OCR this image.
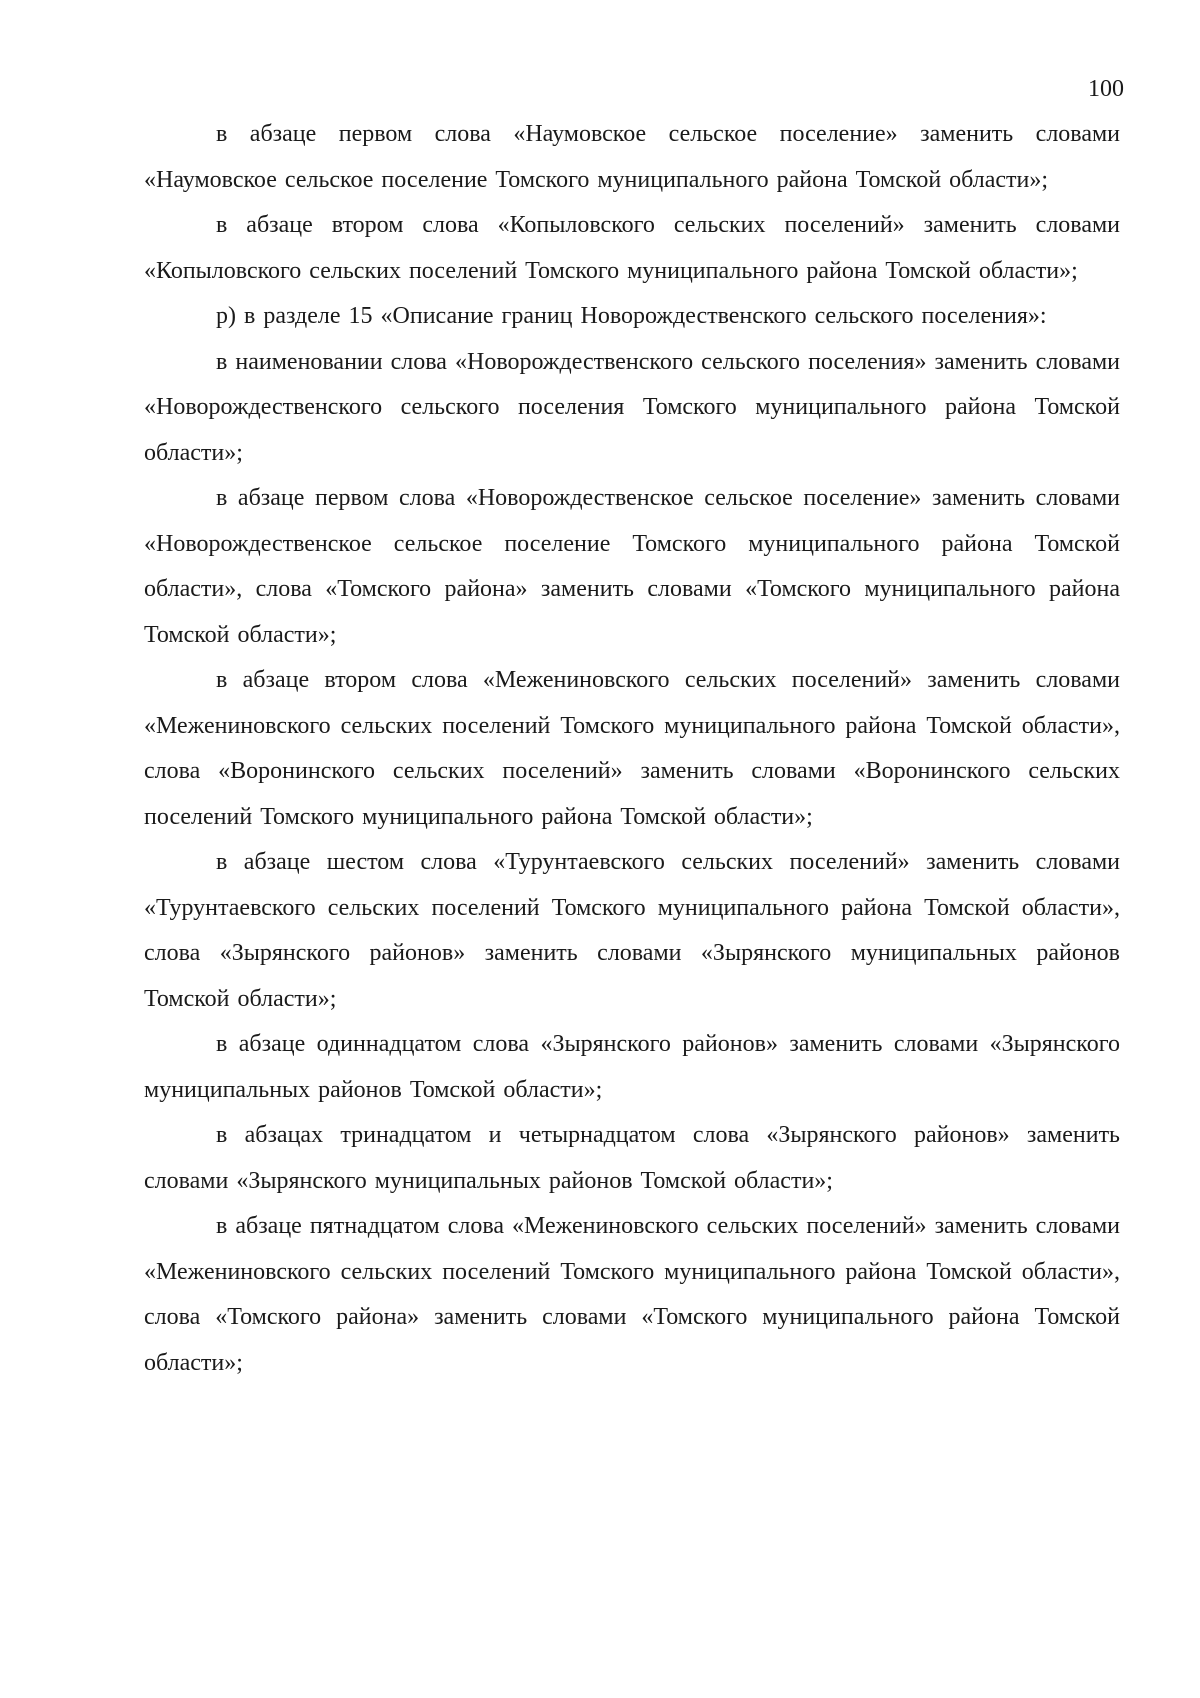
100

в абзаце первом слова «Наумовское сельское поселение» заменить словами «Наумовское сельское поселение Томского муниципального района Томской области»;

в абзаце втором слова «Копыловского сельских поселений» заменить словами «Копыловского сельских поселений Томского муниципального района Томской области»;

р) в разделе 15 «Описание границ Новорождественского сельского поселения»:

в наименовании слова «Новорождественского сельского поселения» заменить словами «Новорождественского сельского поселения Томского муниципального района Томской области»;

в абзаце первом слова «Новорождественское сельское поселение» заменить словами «Новорождественское сельское поселение Томского муниципального района Томской области», слова «Томского района» заменить словами «Томского муниципального района Томской области»;

в абзаце втором слова «Межениновского сельских поселений» заменить словами «Межениновского сельских поселений Томского муниципального района Томской области», слова «Воронинского сельских поселений» заменить словами «Воронинского сельских поселений Томского муниципального района Томской области»;

в абзаце шестом слова «Турунтаевского сельских поселений» заменить словами «Турунтаевского сельских поселений Томского муниципального района Томской области», слова «Зырянского районов» заменить словами «Зырянского муниципальных районов Томской области»;

в абзаце одиннадцатом слова «Зырянского районов» заменить словами «Зырянского муниципальных районов Томской области»;

в абзацах тринадцатом и четырнадцатом слова «Зырянского районов» заменить словами «Зырянского муниципальных районов Томской области»;

в абзаце пятнадцатом слова «Межениновского сельских поселений» заменить словами «Межениновского сельских поселений Томского муниципального района Томской области», слова «Томского района» заменить словами «Томского муниципального района Томской области»;
